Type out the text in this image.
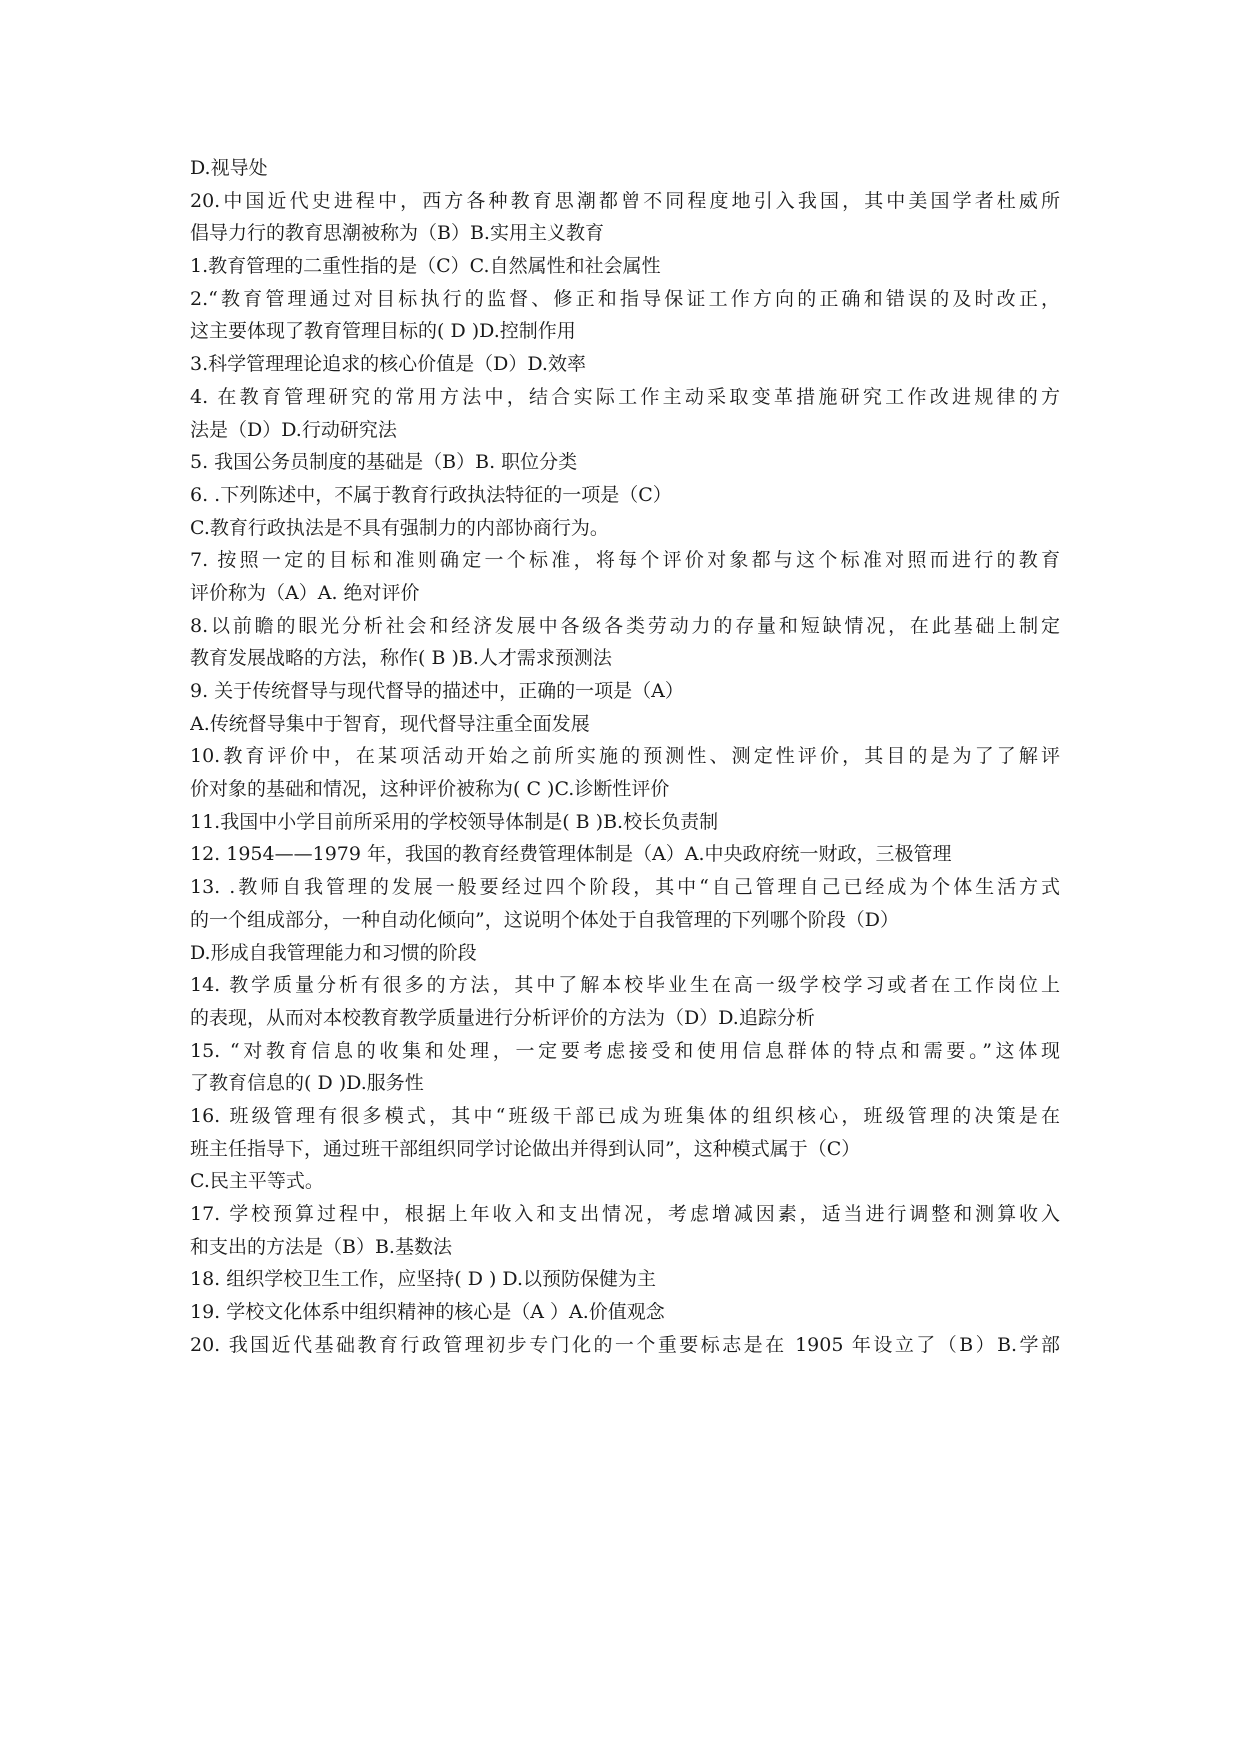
D.视导处
20.中国近代史进程中，西方各种教育思潮都曾不同程度地引入我国，其中美国学者杜威所
倡导力行的教育思潮被称为（B）B.实用主义教育
1.教育管理的二重性指的是（C）C.自然属性和社会属性
2.“教育管理通过对目标执行的监督、修正和指导保证工作方向的正确和错误的及时改正，
这主要体现了教育管理目标的( D )D.控制作用
3.科学管理理论追求的核心价值是（D）D.效率
4. 在教育管理研究的常用方法中，结合实际工作主动采取变革措施研究工作改进规律的方
法是（D）D.行动研究法
5. 我国公务员制度的基础是（B）B. 职位分类
6. .下列陈述中，不属于教育行政执法特征的一项是（C）
C.教育行政执法是不具有强制力的内部协商行为。
7. 按照一定的目标和准则确定一个标准，将每个评价对象都与这个标准对照而进行的教育
评价称为（A）A. 绝对评价
8.以前瞻的眼光分析社会和经济发展中各级各类劳动力的存量和短缺情况，在此基础上制定
教育发展战略的方法，称作( B )B.人才需求预测法
9. 关于传统督导与现代督导的描述中，正确的一项是（A）
A.传统督导集中于智育，现代督导注重全面发展
10.教育评价中，在某项活动开始之前所实施的预测性、测定性评价，其目的是为了了解评
价对象的基础和情况，这种评价被称为( C )C.诊断性评价
11.我国中小学目前所采用的学校领导体制是( B )B.校长负责制
12. 1954——1979 年，我国的教育经费管理体制是（A）A.中央政府统一财政，三极管理
13. .教师自我管理的发展一般要经过四个阶段，其中“自己管理自己已经成为个体生活方式
的一个组成部分，一种自动化倾向”，这说明个体处于自我管理的下列哪个阶段（D）
D.形成自我管理能力和习惯的阶段
14. 教学质量分析有很多的方法，其中了解本校毕业生在高一级学校学习或者在工作岗位上
的表现，从而对本校教育教学质量进行分析评价的方法为（D）D.追踪分析
15. “对教育信息的收集和处理，一定要考虑接受和使用信息群体的特点和需要。”这体现
了教育信息的( D )D.服务性
16. 班级管理有很多模式，其中“班级干部已成为班集体的组织核心，班级管理的决策是在
班主任指导下，通过班干部组织同学讨论做出并得到认同”，这种模式属于（C）
C.民主平等式。
17. 学校预算过程中，根据上年收入和支出情况，考虑增减因素，适当进行调整和测算收入
和支出的方法是（B）B.基数法
18. 组织学校卫生工作，应坚持( D ) D.以预防保健为主
19. 学校文化体系中组织精神的核心是（A ）A.价值观念
20. 我国近代基础教育行政管理初步专门化的一个重要标志是在 1905 年设立了（B）B.学部
